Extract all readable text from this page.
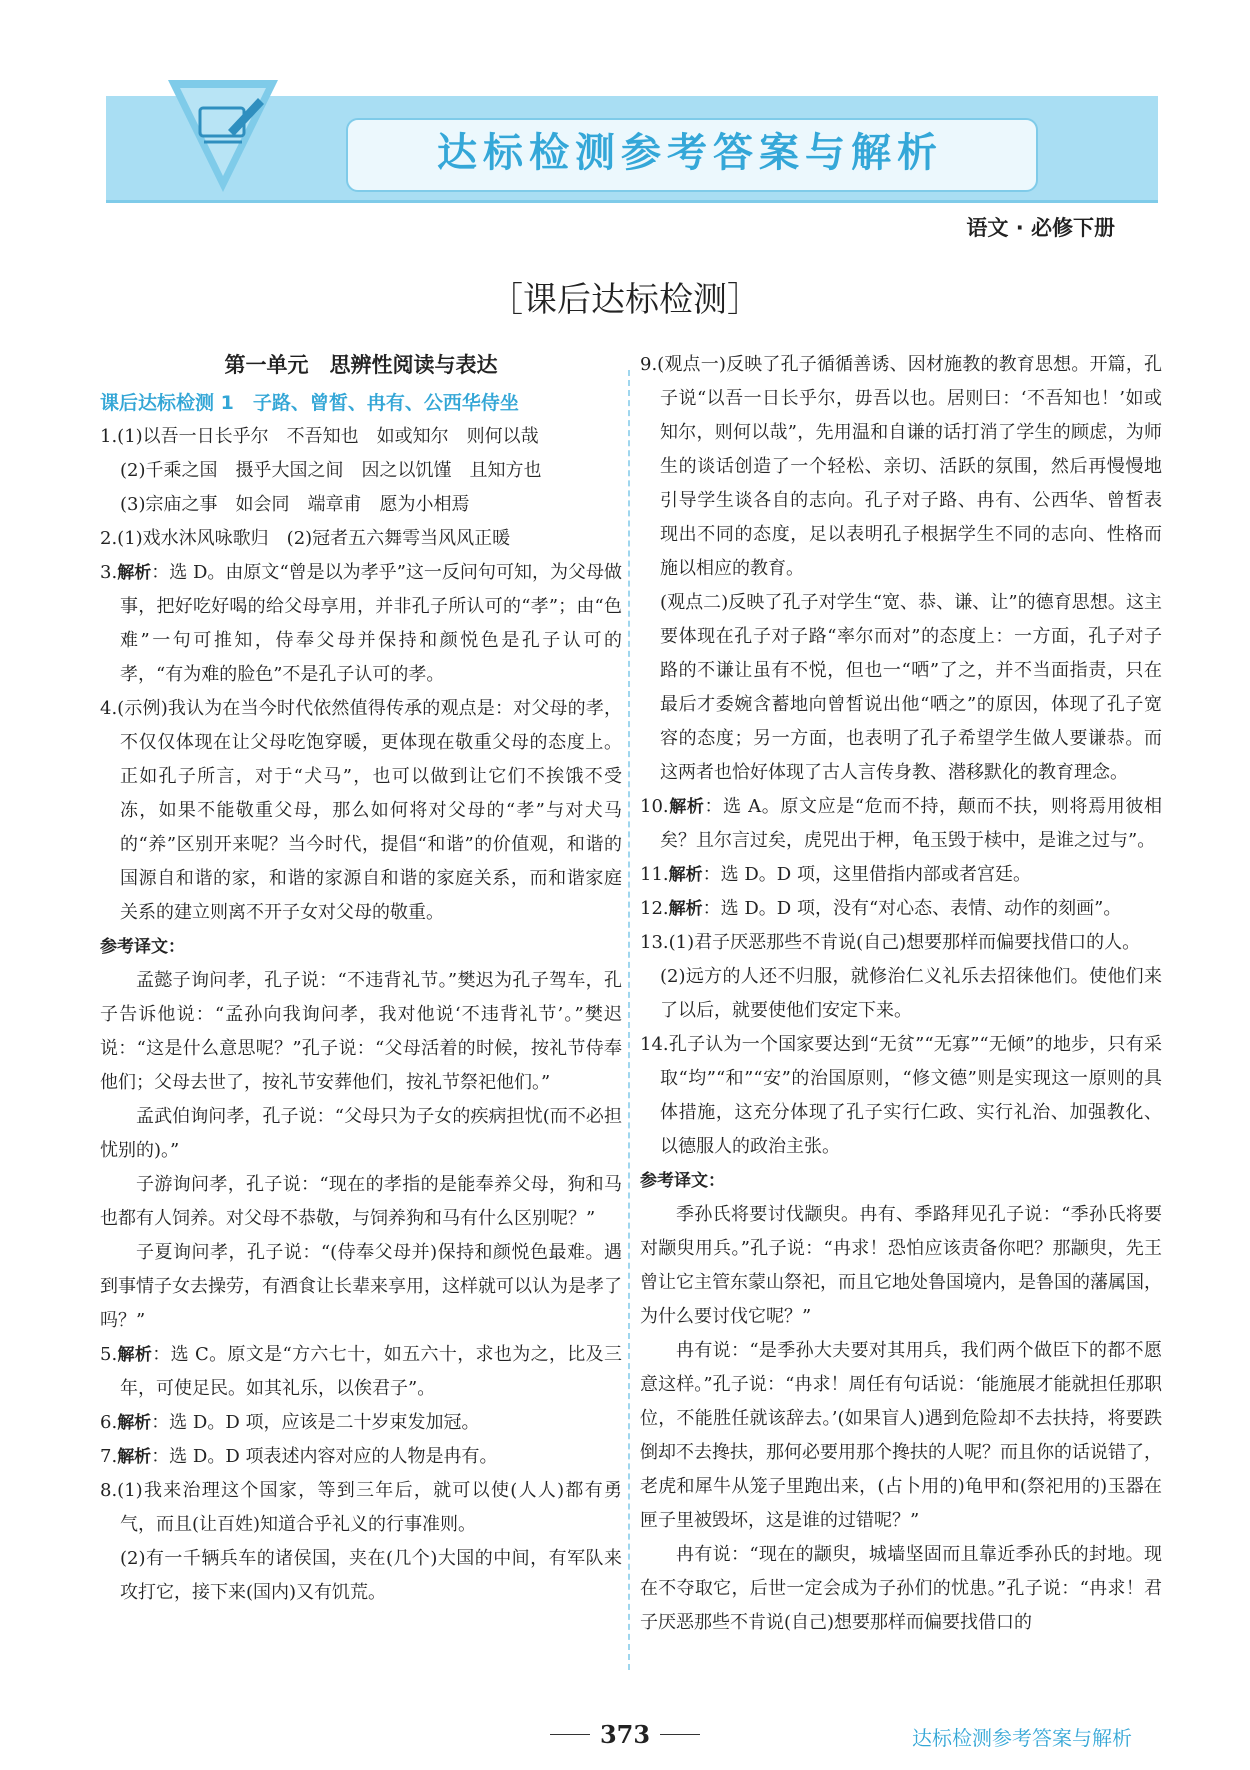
达标检测参考答案与解析
语文 · 必修下册
［课后达标检测］

第一单元　思辨性阅读与表达

课后达标检测 1　子路、曾皙、冉有、公西华侍坐

1.(1)以吾一日长乎尔　不吾知也　如或知尔　则何以哉

(2)千乘之国　摄乎大国之间　因之以饥馑　且知方也

(3)宗庙之事　如会同　端章甫　愿为小相焉

2.(1)戏水沐风咏歌归　(2)冠者五六舞雩当风风正暖

3.解析：选 D。由原文“曾是以为孝乎”这一反问句可知，为父母做事，把好吃好喝的给父母享用，并非孔子所认可的“孝”；由“色难”一句可推知，侍奉父母并保持和颜悦色是孔子认可的孝，“有为难的脸色”不是孔子认可的孝。

4.(示例)我认为在当今时代依然值得传承的观点是：对父母的孝，不仅仅体现在让父母吃饱穿暖，更体现在敬重父母的态度上。正如孔子所言，对于“犬马”，也可以做到让它们不挨饿不受冻，如果不能敬重父母，那么如何将对父母的“孝”与对犬马的“养”区别开来呢？当今时代，提倡“和谐”的价值观，和谐的国源自和谐的家，和谐的家源自和谐的家庭关系，而和谐家庭关系的建立则离不开子女对父母的敬重。

参考译文：

孟懿子询问孝，孔子说：“不违背礼节。”樊迟为孔子驾车，孔子告诉他说：“孟孙向我询问孝，我对他说‘不违背礼节’。”樊迟说：“这是什么意思呢？”孔子说：“父母活着的时候，按礼节侍奉他们；父母去世了，按礼节安葬他们，按礼节祭祀他们。”

孟武伯询问孝，孔子说：“父母只为子女的疾病担忧(而不必担忧别的)。”

子游询问孝，孔子说：“现在的孝指的是能奉养父母，狗和马也都有人饲养。对父母不恭敬，与饲养狗和马有什么区别呢？”

子夏询问孝，孔子说：“(侍奉父母并)保持和颜悦色最难。遇到事情子女去操劳，有酒食让长辈来享用，这样就可以认为是孝了吗？”

5.解析：选 C。原文是“方六七十，如五六十，求也为之，比及三年，可使足民。如其礼乐，以俟君子”。

6.解析：选 D。D 项，应该是二十岁束发加冠。

7.解析：选 D。D 项表述内容对应的人物是冉有。

8.(1)我来治理这个国家，等到三年后，就可以使(人人)都有勇气，而且(让百姓)知道合乎礼义的行事准则。

(2)有一千辆兵车的诸侯国，夹在(几个)大国的中间，有军队来攻打它，接下来(国内)又有饥荒。

9.(观点一)反映了孔子循循善诱、因材施教的教育思想。开篇，孔子说“以吾一日长乎尔，毋吾以也。居则曰：‘不吾知也！’如或知尔，则何以哉”，先用温和自谦的话打消了学生的顾虑，为师生的谈话创造了一个轻松、亲切、活跃的氛围，然后再慢慢地引导学生谈各自的志向。孔子对子路、冉有、公西华、曾皙表现出不同的态度，足以表明孔子根据学生不同的志向、性格而施以相应的教育。

(观点二)反映了孔子对学生“宽、恭、谦、让”的德育思想。这主要体现在孔子对子路“率尔而对”的态度上：一方面，孔子对子路的不谦让虽有不悦，但也一“哂”了之，并不当面指责，只在最后才委婉含蓄地向曾皙说出他“哂之”的原因，体现了孔子宽容的态度；另一方面，也表明了孔子希望学生做人要谦恭。而这两者也恰好体现了古人言传身教、潜移默化的教育理念。

10.解析：选 A。原文应是“危而不持，颠而不扶，则将焉用彼相矣？且尔言过矣，虎兕出于柙，龟玉毁于椟中，是谁之过与”。

11.解析：选 D。D 项，这里借指内部或者宫廷。

12.解析：选 D。D 项，没有“对心态、表情、动作的刻画”。

13.(1)君子厌恶那些不肯说(自己)想要那样而偏要找借口的人。

(2)远方的人还不归服，就修治仁义礼乐去招徕他们。使他们来了以后，就要使他们安定下来。

14.孔子认为一个国家要达到“无贫”“无寡”“无倾”的地步，只有采取“均”“和”“安”的治国原则，“修文德”则是实现这一原则的具体措施，这充分体现了孔子实行仁政、实行礼治、加强教化、以德服人的政治主张。

参考译文：

季孙氏将要讨伐颛臾。冉有、季路拜见孔子说：“季孙氏将要对颛臾用兵。”孔子说：“冉求！恐怕应该责备你吧？那颛臾，先王曾让它主管东蒙山祭祀，而且它地处鲁国境内，是鲁国的藩属国，为什么要讨伐它呢？”

冉有说：“是季孙大夫要对其用兵，我们两个做臣下的都不愿意这样。”孔子说：“冉求！周任有句话说：‘能施展才能就担任那职位，不能胜任就该辞去。’(如果盲人)遇到危险却不去扶持，将要跌倒却不去搀扶，那何必要用那个搀扶的人呢？而且你的话说错了，老虎和犀牛从笼子里跑出来，(占卜用的)龟甲和(祭祀用的)玉器在匣子里被毁坏，这是谁的过错呢？”

冉有说：“现在的颛臾，城墙坚固而且靠近季孙氏的封地。现在不夺取它，后世一定会成为子孙们的忧患。”孔子说：“冉求！君子厌恶那些不肯说(自己)想要那样而偏要找借口的

373	达标检测参考答案与解析
